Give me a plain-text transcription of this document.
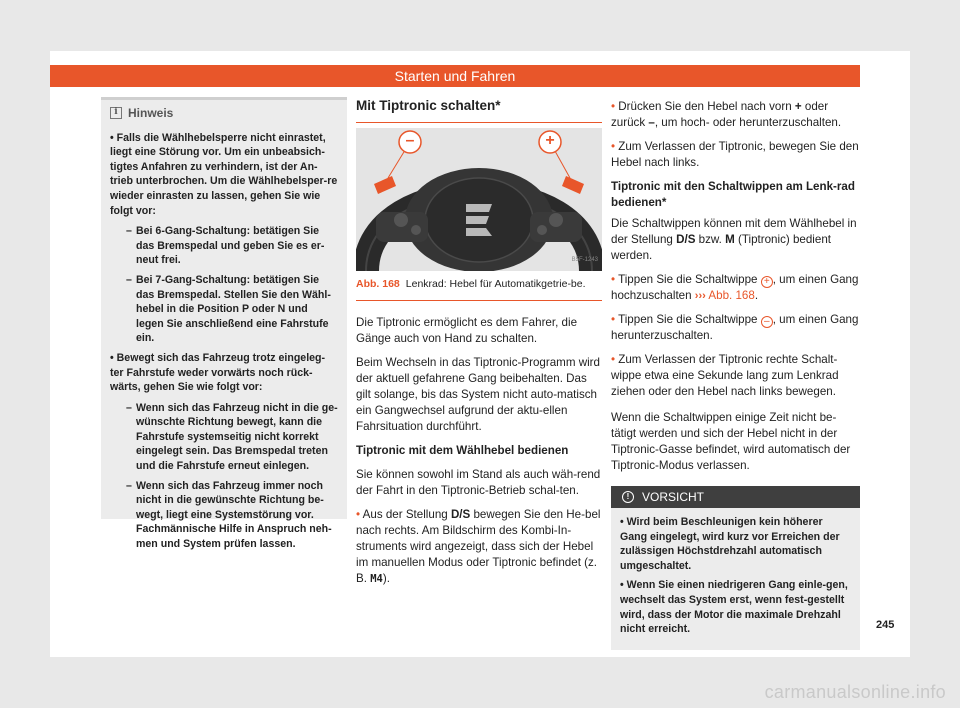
Starten und Fahren
i Hinweis

• Falls die Wählhebelsperre nicht einrastet, liegt eine Störung vor. Um ein unbeabsich-tigtes Anfahren zu verhindern, ist der An-trieb unterbrochen. Um die Wählhebelsper-re wieder einrasten zu lassen, gehen Sie wie folgt vor:

– Bei 6-Gang-Schaltung: betätigen Sie das Bremspedal und geben Sie es er-neut frei.

– Bei 7-Gang-Schaltung: betätigen Sie das Bremspedal. Stellen Sie den Wähl-hebel in die Position P oder N und legen Sie anschließend eine Fahrstufe ein.

• Bewegt sich das Fahrzeug trotz eingeleg-ter Fahrstufe weder vorwärts noch rück-wärts, gehen Sie wie folgt vor:

– Wenn sich das Fahrzeug nicht in die ge-wünschte Richtung bewegt, kann die Fahrstufe systemseitig nicht korrekt eingelegt sein. Das Bremspedal treten und die Fahrstufe erneut einlegen.

– Wenn sich das Fahrzeug immer noch nicht in die gewünschte Richtung be-wegt, liegt eine Systemstörung vor. Fachmännische Hilfe in Anspruch neh-men und System prüfen lassen.

Mit Tiptronic schalten*
–	+
B5F-1243
Abb. 168 Lenkrad: Hebel für Automatikgetrie-be.

Die Tiptronic ermöglicht es dem Fahrer, die Gänge auch von Hand zu schalten.

Beim Wechseln in das Tiptronic-Programm wird der aktuell gefahrene Gang beibehalten. Das gilt solange, bis das System nicht auto-matisch ein Gangwechsel aufgrund der aktu-ellen Fahrsituation durchführt.

Tiptronic mit dem Wählhebel bedienen

Sie können sowohl im Stand als auch wäh-rend der Fahrt in den Tiptronic-Betrieb schal-ten.

• Aus der Stellung D/S bewegen Sie den He-bel nach rechts. Am Bildschirm des Kombi-In-struments wird angezeigt, dass sich der Hebel im manuellen Modus oder Tiptronic befindet (z. B. M4).

• Drücken Sie den Hebel nach vorn + oder zurück –, um hoch- oder herunterzuschalten.

• Zum Verlassen der Tiptronic, bewegen Sie den Hebel nach links.

Tiptronic mit den Schaltwippen am Lenk-rad bedienen*

Die Schaltwippen können mit dem Wählhebel in der Stellung D/S bzw. M (Tiptronic) bedient werden.

• Tippen Sie die Schaltwippe + , um einen Gang hochzuschalten ››› Abb. 168.

• Tippen Sie die Schaltwippe – , um einen Gang herunterzuschalten.

• Zum Verlassen der Tiptronic rechte Schalt-wippe etwa eine Sekunde lang zum Lenkrad ziehen oder den Hebel nach links bewegen.

Wenn die Schaltwippen einige Zeit nicht be-tätigt werden und sich der Hebel nicht in der Tiptronic-Gasse befindet, wird automatisch der Tiptronic-Modus verlassen.

!	VORSICHT

• Wird beim Beschleunigen kein höherer Gang eingelegt, wird kurz vor Erreichen der zulässigen Höchstdrehzahl automatisch umgeschaltet.

• Wenn Sie einen niedrigeren Gang einle-gen, wechselt das System erst, wenn fest-gestellt wird, dass der Motor die maximale Drehzahl nicht erreicht.	245
carmanualsonline.info
